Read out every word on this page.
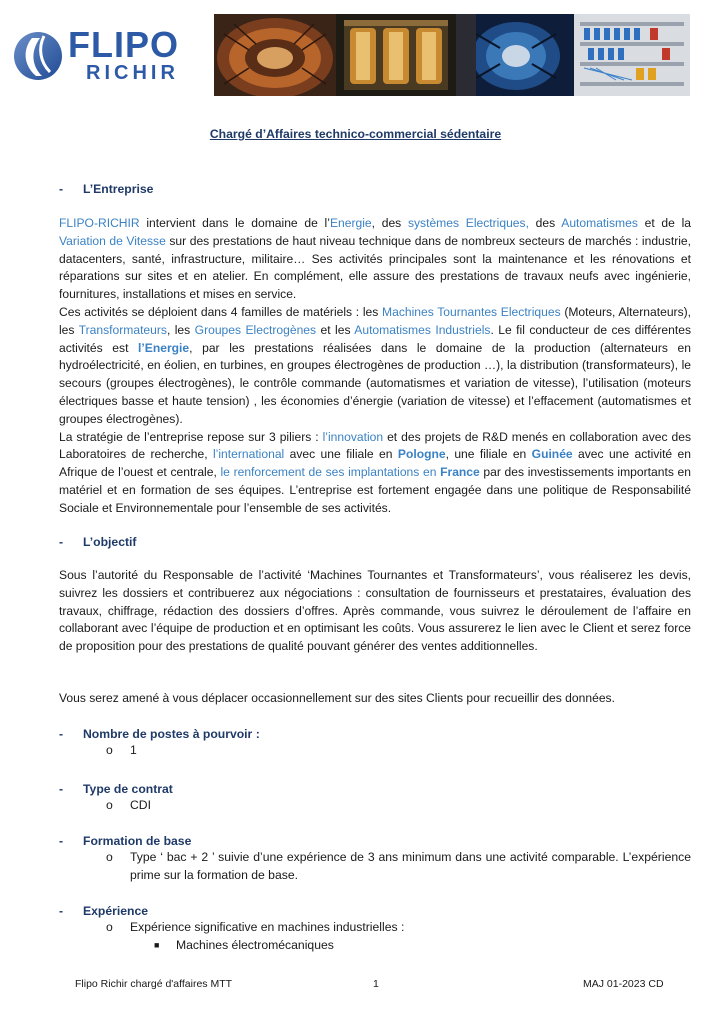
FLIPO
RICHIR
Chargé d’Affaires technico-commercial sédentaire
-	L’Entreprise
FLIPO-RICHIR intervient dans le domaine de l’Energie, des systèmes Electriques, des Automatismes et de la Variation de Vitesse sur des prestations de haut niveau technique dans de nombreux secteurs de marchés : industrie, datacenters, santé, infrastructure, militaire… Ses activités principales sont la maintenance et les rénovations et réparations sur sites et en atelier. En complément, elle assure des prestations de travaux neufs avec ingénierie, fournitures, installations et mises en service.
Ces activités se déploient dans 4 familles de matériels : les Machines Tournantes Electriques (Moteurs, Alternateurs), les Transformateurs, les Groupes Electrogènes et les Automatismes Industriels. Le fil conducteur de ces différentes activités est l’Energie, par les prestations réalisées dans le domaine de la production (alternateurs en hydroélectricité, en éolien, en turbines, en groupes électrogènes de production …), la distribution (transformateurs), le secours (groupes électrogènes), le contrôle commande (automatismes et variation de vitesse), l’utilisation (moteurs électriques basse et haute tension) , les économies d’énergie (variation de vitesse) et l’effacement (automatismes et groupes électrogènes).
La stratégie de l’entreprise repose sur 3 piliers : l’innovation et des projets de R&D menés en collaboration avec des Laboratoires de recherche, l’international avec une filiale en Pologne, une filiale en Guinée avec une activité en Afrique de l’ouest et centrale, le renforcement de ses implantations en France par des investissements importants en matériel et en formation de ses équipes. L’entreprise est fortement engagée dans une politique de Responsabilité Sociale et Environnementale pour l’ensemble de ses activités.
-	L’objectif
Sous l’autorité du Responsable de l’activité ‘Machines Tournantes et Transformateurs’, vous réaliserez les devis, suivrez les dossiers et contribuerez aux négociations : consultation de fournisseurs et prestataires, évaluation des travaux, chiffrage, rédaction des dossiers d’offres. Après commande, vous suivrez le déroulement de l’affaire en collaborant avec l’équipe de production et en optimisant les coûts. Vous assurerez le lien avec le Client et serez force de proposition pour des prestations de qualité pouvant générer des ventes additionnelles.
Vous serez amené à vous déplacer occasionnellement sur des sites Clients pour recueillir des données.
-	Nombre de postes à pourvoir :
o	1
-	Type de contrat
o	CDI
-	Formation de base
o	Type ‘ bac + 2 ’ suivie d’une expérience de 3 ans minimum dans une activité comparable. L’expérience prime sur la formation de base.
-	Expérience
o	Expérience significative en machines industrielles :
■	Machines électromécaniques
Flipo Richir chargé d'affaires MTT	1	MAJ 01-2023 CD
